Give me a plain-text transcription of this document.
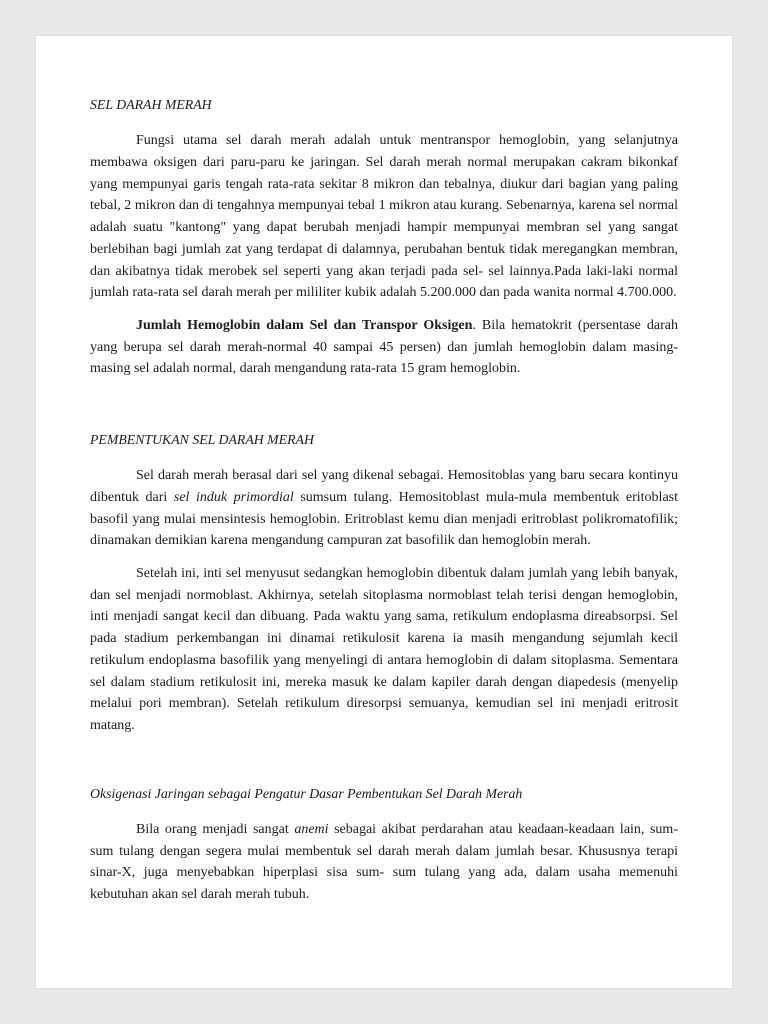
SEL DARAH MERAH

Fungsi utama sel darah merah adalah untuk mentranspor hemoglobin, yang selanjutnya membawa oksigen dari paru-paru ke jaringan. Sel darah merah normal merupakan cakram bikonkaf yang mempunyai garis tengah rata-rata sekitar 8 mikron dan tebalnya, diukur dari bagian yang paling tebal, 2 mikron dan di tengahnya mempunyai tebal 1 mikron atau kurang. Sebenarnya, karena sel normal adalah suatu "kantong" yang dapat berubah menjadi hampir mempunyai membran sel yang sangat berlebihan bagi jumlah zat yang terdapat di dalamnya, perubahan bentuk tidak meregangkan membran, dan akibatnya tidak merobek sel seperti yang akan terjadi pada sel- sel lainnya.Pada laki-laki normal jumlah rata-rata sel darah merah per mililiter kubik adalah 5.200.000 dan pada wanita normal 4.700.000.

Jumlah Hemoglobin dalam Sel dan Transpor Oksigen. Bila hematokrit (persentase darah yang berupa sel darah merah-normal 40 sampai 45 persen) dan jumlah hemoglobin dalam masing-masing sel adalah normal, darah mengandung rata-rata 15 gram hemoglobin.

PEMBENTUKAN SEL DARAH MERAH

Sel darah merah berasal dari sel yang dikenal sebagai. Hemositoblas yang baru secara kontinyu dibentuk dari sel induk primordial sumsum tulang. Hemositoblast mula-mula membentuk eritoblast basofil yang mulai mensintesis hemoglobin. Eritroblast kemu dian menjadi eritroblast polikromatofilik; dinamakan demikian karena mengandung campuran zat basofilik dan hemoglobin merah.

Setelah ini, inti sel menyusut sedangkan hemoglobin dibentuk dalam jumlah yang lebih banyak, dan sel menjadi normoblast. Akhirnya, setelah sitoplasma normoblast telah terisi dengan hemoglobin, inti menjadi sangat kecil dan dibuang. Pada waktu yang sama, retikulum endoplasma direabsorpsi. Sel pada stadium perkembangan ini dinamai retikulosit karena ia masih mengandung sejumlah kecil retikulum endoplasma basofilik yang menyelingi di antara hemoglobin di dalam sitoplasma. Sementara sel dalam stadium retikulosit ini, mereka masuk ke dalam kapiler darah dengan diapedesis (menyelip melalui pori membran). Setelah retikulum diresorpsi semuanya, kemudian sel ini menjadi eritrosit matang.

Oksigenasi Jaringan sebagai Pengatur Dasar Pembentukan Sel Darah Merah

Bila orang menjadi sangat anemi sebagai akibat perdarahan atau keadaan-keadaan lain, sum- sum tulang dengan segera mulai membentuk sel darah merah dalam jumlah besar. Khususnya terapi sinar-X, juga menyebabkan hiperplasi sisa sum- sum tulang yang ada, dalam usaha memenuhi kebutuhan akan sel darah merah tubuh.
